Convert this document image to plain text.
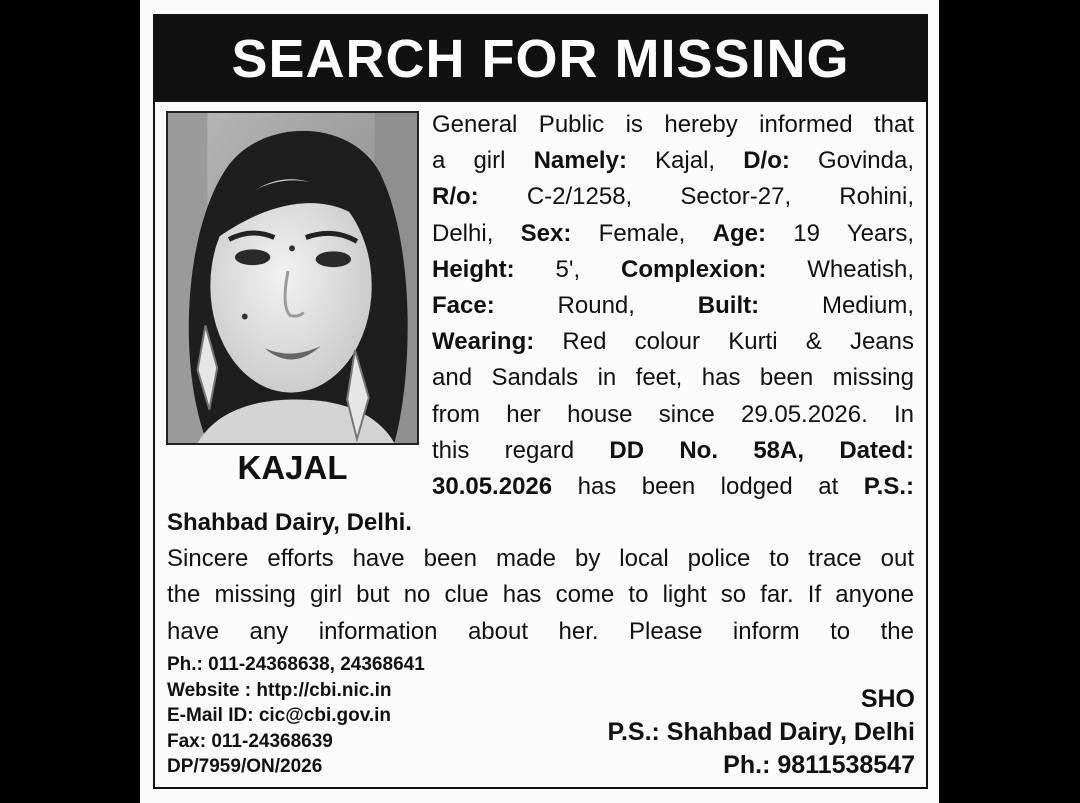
SEARCH FOR MISSING
KAJAL
General Public is hereby informed that
a girl Namely: Kajal, D/o: Govinda,
R/o: C-2/1258, Sector-27, Rohini,
Delhi, Sex: Female, Age: 19 Years,
Height: 5', Complexion: Wheatish,
Face: Round, Built: Medium,
Wearing: Red colour Kurti & Jeans
and Sandals in feet, has been missing
from her house since 29.05.2026. In
this regard DD No. 58A, Dated:
30.05.2026 has been lodged at P.S.:
Shahbad Dairy, Delhi.
Sincere efforts have been made by local police to trace out
the missing girl but no clue has come to light so far. If anyone
have any information about her. Please inform to the
Ph.: 011-24368638, 24368641
Website : http://cbi.nic.in
E-Mail ID: cic@cbi.gov.in
Fax: 011-24368639
DP/7959/ON/2026
SHO
P.S.: Shahbad Dairy, Delhi
Ph.: 9811538547
